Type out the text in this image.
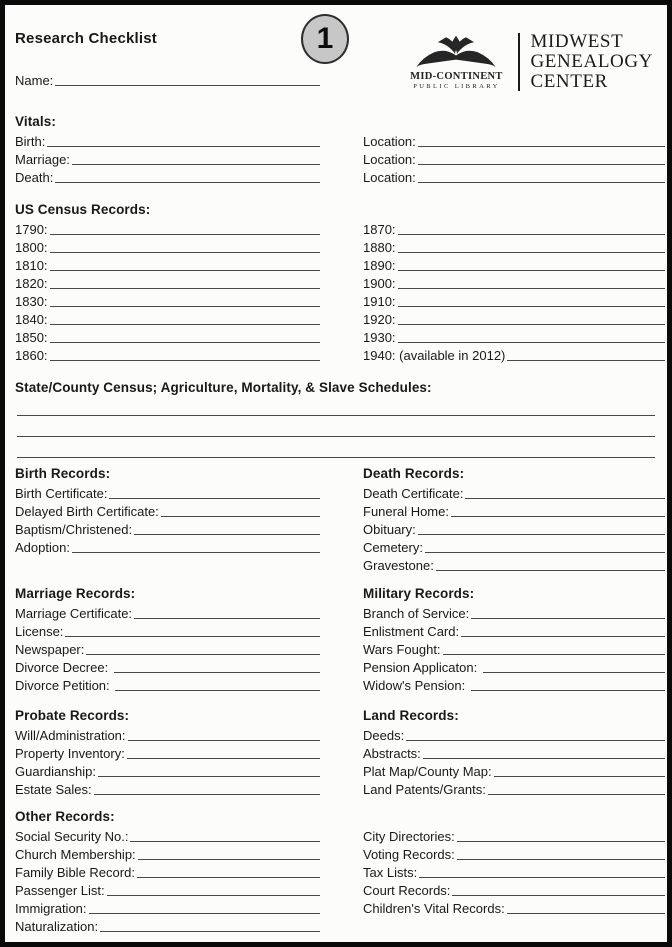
Research Checklist	1
Name:	MID-CONTINENT
PUBLIC LIBRARY
MIDWEST
GENEALOGY
CENTER
Vitals:
Birth:
Marriage:
Death:
Location:
Location:
Location:
US Census Records:
1790:
1800:
1810:
1820:
1830:
1840:
1850:
1860:
1870:
1880:
1890:
1900:
1910:
1920:
1930:
1940: (available in 2012)
State/County Census; Agriculture, Mortality, & Slave Schedules:
Birth Records:
Birth Certificate:
Delayed Birth Certificate:
Baptism/Christened:
Adoption:
Death Records:
Death Certificate:
Funeral Home:
Obituary:
Cemetery:
Gravestone:
Marriage Records:
Marriage Certificate:
License:
Newspaper:
Divorce Decree:
Divorce Petition:
Military Records:
Branch of Service:
Enlistment Card:
Wars Fought:
Pension Applicaton:
Widow's Pension:
Probate Records:
Will/Administration:
Property Inventory:
Guardianship:
Estate Sales:
Land Records:
Deeds:
Abstracts:
Plat Map/County Map:
Land Patents/Grants:
Other Records:
Social Security No.:
Church Membership:
Family Bible Record:
Passenger List:
Immigration:
Naturalization:
City Directories:
Voting Records:
Tax Lists:
Court Records:
Children's Vital Records:
